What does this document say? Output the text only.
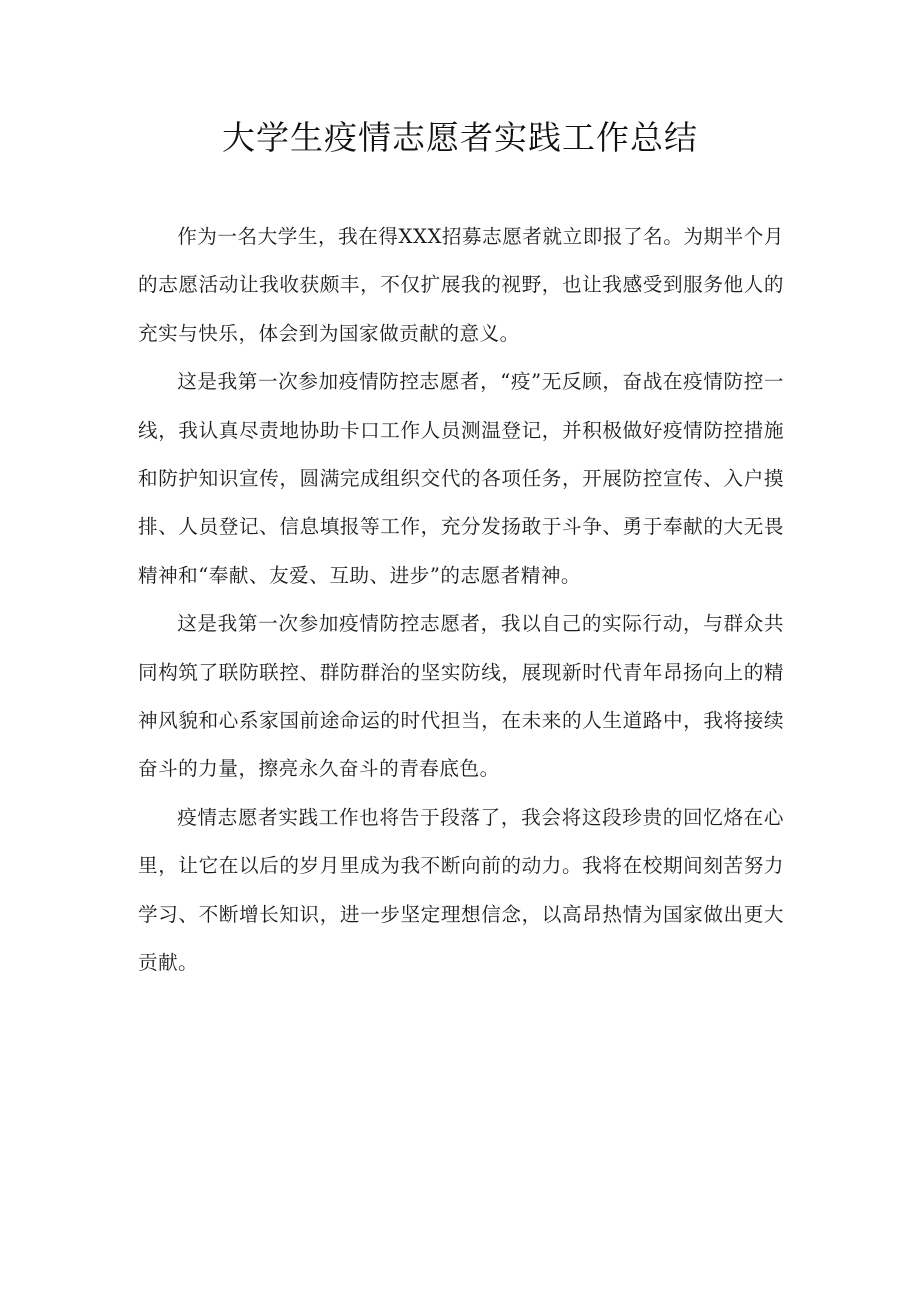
大学生疫情志愿者实践工作总结

作为一名大学生，我在得XXX招募志愿者就立即报了名。为期半个月的志愿活动让我收获颇丰，不仅扩展我的视野，也让我感受到服务他人的充实与快乐，体会到为国家做贡献的意义。

这是我第一次参加疫情防控志愿者，“疫”无反顾，奋战在疫情防控一线，我认真尽责地协助卡口工作人员测温登记，并积极做好疫情防控措施和防护知识宣传，圆满完成组织交代的各项任务，开展防控宣传、入户摸排、人员登记、信息填报等工作，充分发扬敢于斗争、勇于奉献的大无畏精神和“奉献、友爱、互助、进步”的志愿者精神。

这是我第一次参加疫情防控志愿者，我以自己的实际行动，与群众共同构筑了联防联控、群防群治的坚实防线，展现新时代青年昂扬向上的精神风貌和心系家国前途命运的时代担当，在未来的人生道路中，我将接续奋斗的力量，擦亮永久奋斗的青春底色。

疫情志愿者实践工作也将告于段落了，我会将这段珍贵的回忆烙在心里，让它在以后的岁月里成为我不断向前的动力。我将在校期间刻苦努力学习、不断增长知识，进一步坚定理想信念，以高昂热情为国家做出更大贡献。
